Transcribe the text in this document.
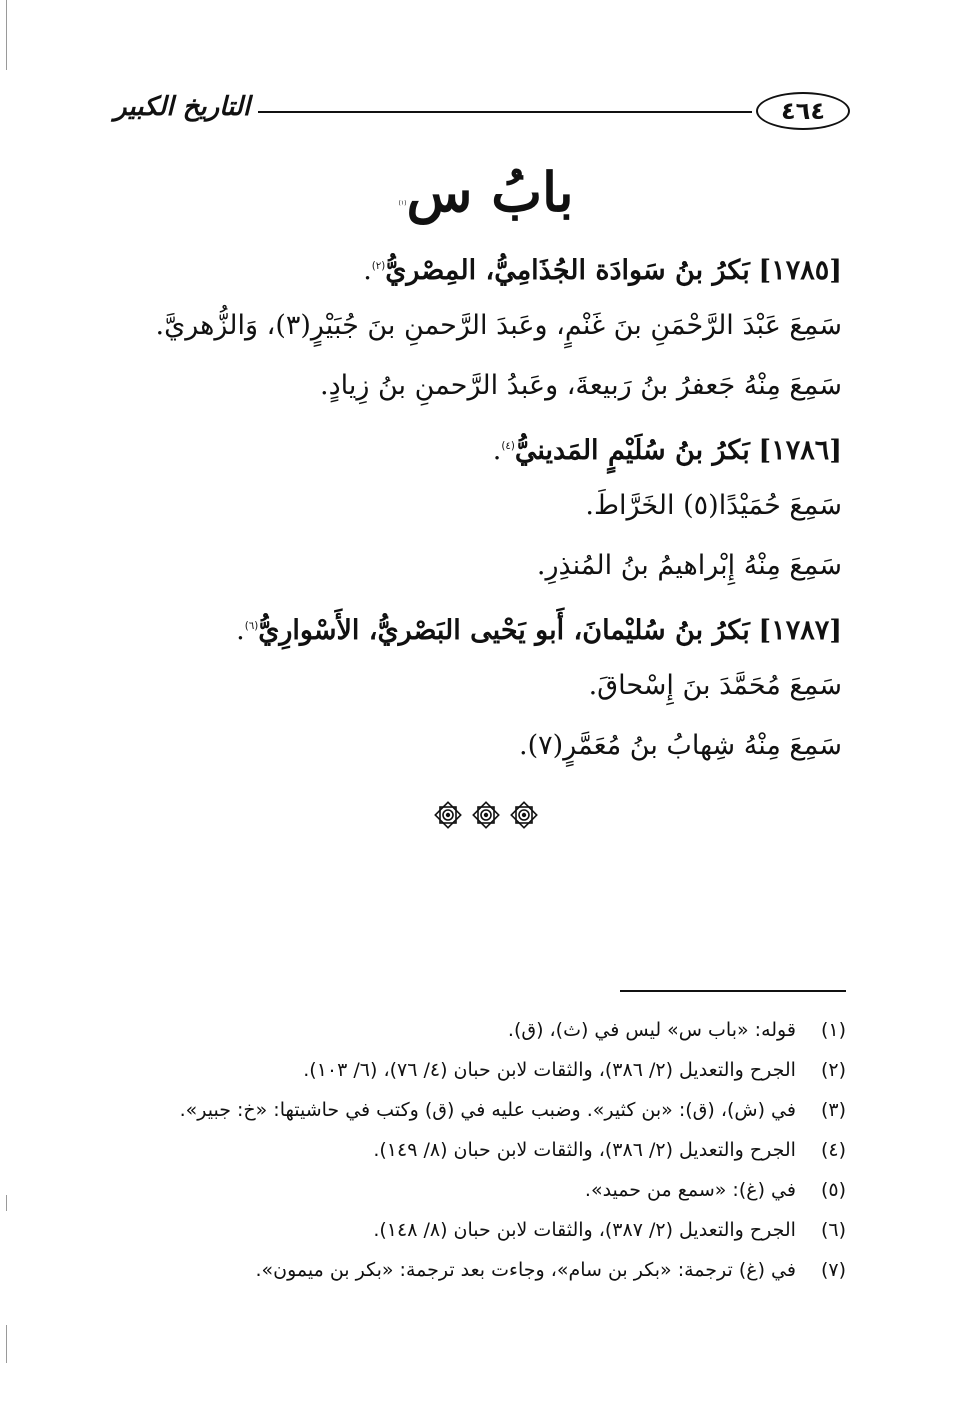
التاريخ الكبير	٤٦٤
بابُ س$^{(١)}$
[١٧٨٥] بَكرُ بنُ سَوادَة الجُذَامِيُّ، المِصْريُّ$^{(٢)}$.
سَمِعَ عَبْدَ الرَّحْمَنِ بنَ غَنْمٍ، وعَبدَ الرَّحمنِ بنَ جُبَيْرٍ(٣)، وَالزُّهريَّ.
سَمِعَ مِنْهُ جَعفرُ بنُ رَبيعةَ، وعَبدُ الرَّحمنِ بنُ زِيادٍ.
[١٧٨٦] بَكرُ بنُ سُلَيْمٍ المَدينيُّ$^{(٤)}$.
سَمِعَ حُمَيْدًا(٥) الخَرَّاطَ.
سَمِعَ مِنْهُ إِبْراهيمُ بنُ المُنذِرِ.
[١٧٨٧] بَكرُ بنُ سُليْمانَ، أَبو يَحْيى البَصْريُّ، الأَسْوارِيُّ$^{(٦)}$.
سَمِعَ مُحَمَّدَ بنَ إِسْحاقَ.
سَمِعَ مِنْهُ شِهابُ بنُ مُعَمَّرٍ(٧).
(١) قوله: «باب س» ليس في (ث)، (ق).
(٢) الجرح والتعديل (٢/ ٣٨٦)، والثقات لابن حبان (٤/ ٧٦)، (٦/ ١٠٣).
(٣) في (ش)، (ق): «بن كثير». وضبب عليه في (ق) وكتب في حاشيتها: «خ: جبير».
(٤) الجرح والتعديل (٢/ ٣٨٦)، والثقات لابن حبان (٨/ ١٤٩).
(٥) في (غ): «سمع من حميد».
(٦) الجرح والتعديل (٢/ ٣٨٧)، والثقات لابن حبان (٨/ ١٤٨).
(٧) في (غ) ترجمة: «بكر بن سام»، وجاءت بعد ترجمة: «بكر بن ميمون».
